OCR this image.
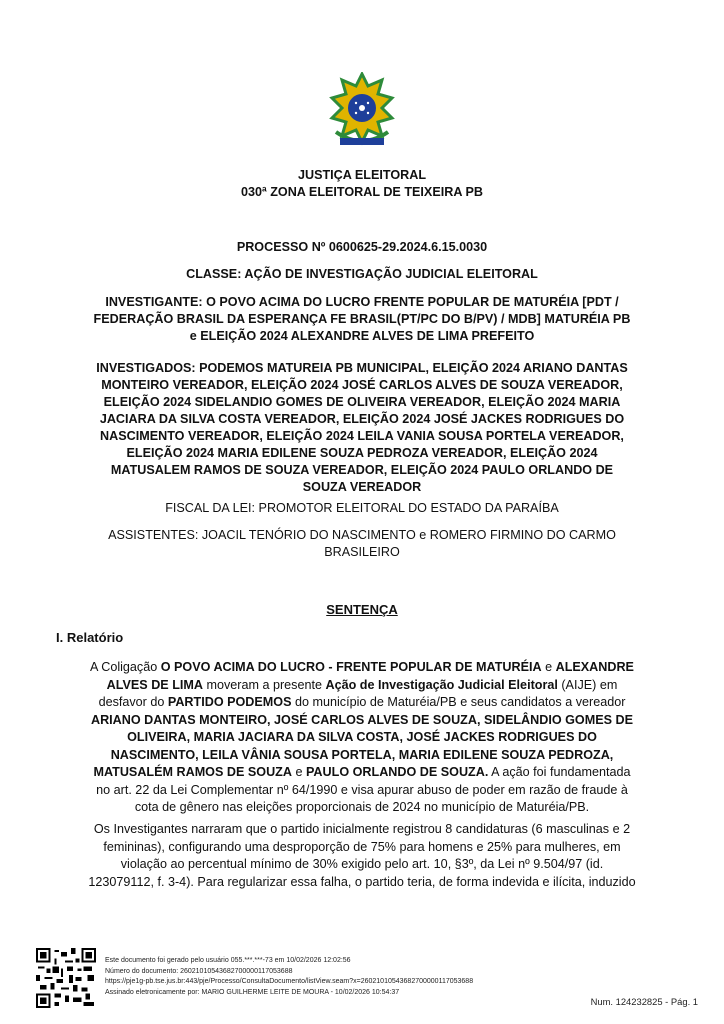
JUSTIÇA ELEITORAL
030ª ZONA ELEITORAL DE TEIXEIRA PB
PROCESSO Nº 0600625-29.2024.6.15.0030
CLASSE: AÇÃO DE INVESTIGAÇÃO JUDICIAL ELEITORAL
INVESTIGANTE: O POVO ACIMA DO LUCRO FRENTE POPULAR DE MATURÉIA [PDT /
FEDERAÇÃO BRASIL DA ESPERANÇA FE BRASIL(PT/PC DO B/PV) / MDB] MATURÉIA PB
e ELEIÇÃO 2024 ALEXANDRE ALVES DE LIMA PREFEITO
INVESTIGADOS: PODEMOS MATUREIA PB MUNICIPAL, ELEIÇÃO 2024 ARIANO DANTAS
MONTEIRO VEREADOR, ELEIÇÃO 2024 JOSÉ CARLOS ALVES DE SOUZA VEREADOR,
ELEIÇÃO 2024 SIDELANDIO GOMES DE OLIVEIRA VEREADOR, ELEIÇÃO 2024 MARIA
JACIARA DA SILVA COSTA VEREADOR, ELEIÇÃO 2024 JOSÉ JACKES RODRIGUES DO
NASCIMENTO VEREADOR, ELEIÇÃO 2024 LEILA VANIA SOUSA PORTELA VEREADOR,
ELEIÇÃO 2024 MARIA EDILENE SOUZA PEDROZA VEREADOR, ELEIÇÃO 2024
MATUSALEM RAMOS DE SOUZA VEREADOR, ELEIÇÃO 2024 PAULO ORLANDO DE
SOUZA VEREADOR
FISCAL DA LEI: PROMOTOR ELEITORAL DO ESTADO DA PARAÍBA
ASSISTENTES: JOACIL TENÓRIO DO NASCIMENTO e ROMERO FIRMINO DO CARMO
BRASILEIRO
SENTENÇA
I. Relatório
A Coligação O POVO ACIMA DO LUCRO - FRENTE POPULAR DE MATURÉIA e ALEXANDRE
ALVES DE LIMA moveram a presente Ação de Investigação Judicial Eleitoral (AIJE) em
desfavor do PARTIDO PODEMOS do município de Maturéia/PB e seus candidatos a vereador
ARIANO DANTAS MONTEIRO, JOSÉ CARLOS ALVES DE SOUZA, SIDELÂNDIO GOMES DE
OLIVEIRA, MARIA JACIARA DA SILVA COSTA, JOSÉ JACKES RODRIGUES DO
NASCIMENTO, LEILA VÂNIA SOUSA PORTELA, MARIA EDILENE SOUZA PEDROZA,
MATUSALÉM RAMOS DE SOUZA e PAULO ORLANDO DE SOUZA. A ação foi fundamentada
no art. 22 da Lei Complementar nº 64/1990 e visa apurar abuso de poder em razão de fraude à
cota de gênero nas eleições proporcionais de 2024 no município de Maturéia/PB.
Os Investigantes narraram que o partido inicialmente registrou 8 candidaturas (6 masculinas e 2
femininas), configurando uma desproporção de 75% para homens e 25% para mulheres, em
violação ao percentual mínimo de 30% exigido pelo art. 10, §3º, da Lei nº 9.504/97 (id.
123079112, f. 3-4). Para regularizar essa falha, o partido teria, de forma indevida e ilícita, induzido
Este documento foi gerado pelo usuário 055.***.***-73 em 10/02/2026 12:02:56
Número do documento: 26021010543682700000117053688
https://pje1g-pb.tse.jus.br:443/pje/Processo/ConsultaDocumento/listView.seam?x=26021010543682700000117053688
Assinado eletronicamente por: MARIO GUILHERME LEITE DE MOURA - 10/02/2026 10:54:37
Num. 124232825 - Pág. 1
